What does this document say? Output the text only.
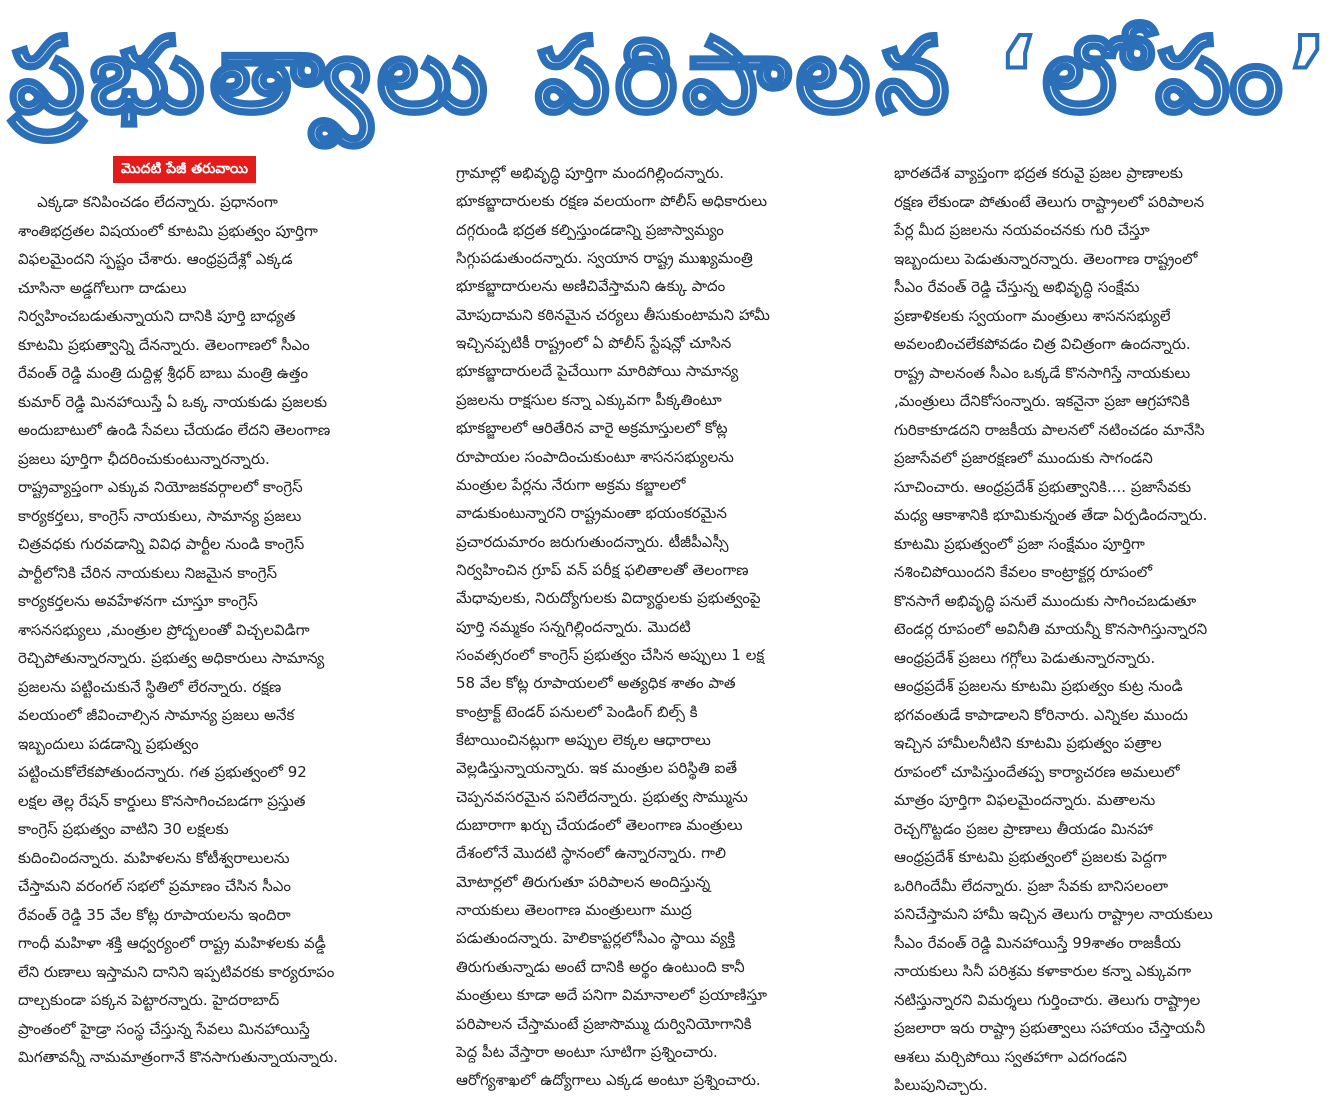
ప్రభుత్వాలు పరిపాలన ‘లోపం’
మొదటి పేజీ తరువాయి
ఎక్కడా కనిపించడం లేదన్నారు. ప్రధానంగా
శాంతిభద్రతల విషయంలో కూటమి ప్రభుత్వం పూర్తిగా
విఫలమైందని స్పష్టం చేశారు. ఆంధ్రప్రదేశ్లో ఎక్కడ
చూసినా అడ్డగోలుగా దాడులు
నిర్వహించబడుతున్నాయని దానికి పూర్తి బాధ్యత
కూటమి ప్రభుత్వాన్ని దేనన్నారు. తెలంగాణలో సీఎం
రేవంత్ రెడ్డి మంత్రి దుద్దిళ్ల శ్రీధర్ బాబు మంత్రి ఉత్తం
కుమార్ రెడ్డి మినహాయిస్తే ఏ ఒక్క నాయకుడు ప్రజలకు
అందుబాటులో ఉండి సేవలు చేయడం లేదని తెలంగాణ
ప్రజలు పూర్తిగా ఛీదరించుకుంటున్నారన్నారు.
రాష్ట్రవ్యాప్తంగా ఎక్కువ నియోజకవర్గాలలో కాంగ్రెస్
కార్యకర్తలు, కాంగ్రెస్ నాయకులు, సామాన్య ప్రజలు
చిత్రవధకు గురవడాన్ని వివిధ పార్టీల నుండి కాంగ్రెస్
పార్టీలోనికి చేరిన నాయకులు నిజమైన కాంగ్రెస్
కార్యకర్తలను అవహేళనగా చూస్తూ కాంగ్రెస్
శాసనసభ్యులు ,మంత్రుల ప్రోద్బలంతో విచ్చలవిడిగా
రెచ్చిపోతున్నారన్నారు. ప్రభుత్వ అధికారులు సామాన్య
ప్రజలను పట్టించుకునే స్థితిలో లేరన్నారు. రక్షణ
వలయంలో జీవించాల్సిన సామాన్య ప్రజలు అనేక
ఇబ్బందులు పడడాన్ని ప్రభుత్వం
పట్టించుకోలేకపోతుందన్నారు. గత ప్రభుత్వంలో 92
లక్షల తెల్ల రేషన్ కార్డులు కొనసాగించబడగా ప్రస్తుత
కాంగ్రెస్ ప్రభుత్వం వాటిని 30 లక్షలకు
కుదించిందన్నారు. మహిళలను కోటీశ్వరాలులను
చేస్తామని వరంగల్ సభలో ప్రమాణం చేసిన సీఎం
రేవంత్ రెడ్డి 35 వేల కోట్ల రూపాయలను ఇందిరా
గాంధీ మహిళా శక్తి ఆధ్వర్యంలో రాష్ట్ర మహిళలకు వడ్డీ
లేని రుణాలు ఇస్తామని దానిని ఇప్పటివరకు కార్యరూపం
దాల్చకుండా పక్కన పెట్టారన్నారు. హైదరాబాద్
ప్రాంతంలో హైడ్రా సంస్థ చేస్తున్న సేవలు మినహాయిస్తే
మిగతావన్నీ నామమాత్రంగానే కొనసాగుతున్నాయన్నారు.
గ్రామాల్లో అభివృద్ధి పూర్తిగా మందగిల్లిందన్నారు.
భూకబ్జాదారులకు రక్షణ వలయంగా పోలీస్ అధికారులు
దగ్గరుండి భద్రత కల్పిస్తుండడాన్ని ప్రజాస్వామ్యం
సిగ్గుపడుతుందన్నారు. స్వయాన రాష్ట్ర ముఖ్యమంత్రి
భూకబ్జాదారులను అణిచివేస్తామని ఉక్కు పాదం
మోపుదామని కఠినమైన చర్యలు తీసుకుంటామని హామీ
ఇచ్చినప్పటికీ రాష్ట్రంలో ఏ పోలీస్ స్టేషన్లో చూసిన
భూకబ్జాదారులదే పైచేయిగా మారిపోయి సామాన్య
ప్రజలను రాక్షసుల కన్నా ఎక్కువగా పీక్కతింటూ
భూకబ్జాలలో ఆరితేరిన వారై అక్రమాస్తులలో కోట్ల
రూపాయల సంపాదించుకుంటూ శాసనసభ్యులను
మంత్రుల పేర్లను నేరుగా అక్రమ కబ్జాలలో
వాడుకుంటున్నారని రాష్ట్రమంతా భయంకరమైన
ప్రచారదుమారం జరుగుతుందన్నారు. టీజీపీఎస్సీ
నిర్వహించిన గ్రూప్ వన్ పరీక్ష ఫలితాలతో తెలంగాణ
మేధావులకు, నిరుద్యోగులకు విద్యార్థులకు ప్రభుత్వంపై
పూర్తి నమ్మకం సన్నగిల్లిందన్నారు. మొదటి
సంవత్సరంలో కాంగ్రెస్ ప్రభుత్వం చేసిన అప్పులు 1 లక్ష
58 వేల కోట్ల రూపాయలలో అత్యధిక శాతం పాత
కాంట్రాక్ట్ టెండర్ పనులలో పెండింగ్ బిల్స్ కి
కేటాయించినట్లుగా అప్పుల లెక్కల ఆధారాలు
వెల్లడిస్తున్నాయన్నారు. ఇక మంత్రుల పరిస్థితి ఐతే
చెప్పనవసరమైన పనిలేదన్నారు. ప్రభుత్వ సొమ్మును
దుబారాగా ఖర్చు చేయడంలో తెలంగాణ మంత్రులు
దేశంలోనే మొదటి స్థానంలో ఉన్నారన్నారు. గాలి
మోటార్లలో తిరుగుతూ పరిపాలన అందిస్తున్న
నాయకులు తెలంగాణ మంత్రులుగా ముద్ర
పడుతుందన్నారు. హెలికాప్టర్లలోసీఎం స్థాయి వ్యక్తి
తిరుగుతున్నాడు అంటే దానికి అర్థం ఉంటుంది కానీ
మంత్రులు కూడా అదే పనిగా విమానాలలో ప్రయాణిస్తూ
పరిపాలన చేస్తామంటే ప్రజాసొమ్ము దుర్వినియోగానికి
పెద్ద పీట వేస్తారా అంటూ సూటిగా ప్రశ్నించారు.
ఆరోగ్యశాఖలో ఉద్యోగాలు ఎక్కడ అంటూ ప్రశ్నించారు.
భారతదేశ వ్యాప్తంగా భద్రత కరువై ప్రజల ప్రాణాలకు
రక్షణ లేకుండా పోతుంటే తెలుగు రాష్ట్రాలలో పరిపాలన
పేర్ల మీద ప్రజలను నయవంచనకు గురి చేస్తూ
ఇబ్బందులు పెడుతున్నారన్నారు. తెలంగాణ రాష్ట్రంలో
సీఎం రేవంత్ రెడ్డి చేస్తున్న అభివృద్ధి సంక్షేమ
ప్రణాళికలకు స్వయంగా మంత్రులు శాసనసభ్యులే
అవలంబించలేకపోవడం చిత్ర విచిత్రంగా ఉందన్నారు.
రాష్ట్ర పాలనంత సీఎం ఒక్కడే కొనసాగిస్తే నాయకులు
,మంత్రులు దేనికోసంన్నారు. ఇకనైనా ప్రజా ఆగ్రహానికి
గురికాకూడదని రాజకీయ పాలనలో నటించడం మానేసి
ప్రజాసేవలో ప్రజారక్షణలో ముందుకు సాగండని
సూచించారు. ఆంధ్రప్రదేశ్ ప్రభుత్వానికి.... ప్రజాసేవకు
మధ్య ఆకాశానికి భూమికున్నంత తేడా ఏర్పడిందన్నారు.
కూటమి ప్రభుత్వంలో ప్రజా సంక్షేమం పూర్తిగా
నశించిపోయిందని కేవలం కాంట్రాక్టర్ల రూపంలో
కొనసాగే అభివృద్ధి పనులే ముందుకు సాగించబడుతూ
టెండర్ల రూపంలో అవినీతి మాయన్నీ కొనసాగిస్తున్నారని
ఆంధ్రప్రదేశ్ ప్రజలు గగ్గోలు పెడుతున్నారన్నారు.
ఆంధ్రప్రదేశ్ ప్రజలను కూటమి ప్రభుత్వం కుట్ర నుండి
భగవంతుడే కాపాడాలని కోరినారు. ఎన్నికల ముందు
ఇచ్చిన హామీలనీటిని కూటమి ప్రభుత్వం పత్రాల
రూపంలో చూపిస్తుందేతప్ప కార్యాచరణ అమలులో
మాత్రం పూర్తిగా విఫలమైందన్నారు. మతాలను
రెచ్చగొట్టడం ప్రజల ప్రాణాలు తీయడం మినహా
ఆంధ్రప్రదేశ్ కూటమి ప్రభుత్వంలో ప్రజలకు పెద్దగా
ఒరిగిందేమీ లేదన్నారు. ప్రజా సేవకు బానిసలంలా
పనిచేస్తామని హామీ ఇచ్చిన తెలుగు రాష్ట్రాల నాయకులు
సీఎం రేవంత్ రెడ్డి మినహాయిస్తే 99శాతం రాజకీయ
నాయకులు సినీ పరిశ్రమ కళాకారుల కన్నా ఎక్కువగా
నటిస్తున్నారని విమర్శలు గుర్తించారు. తెలుగు రాష్ట్రాల
ప్రజలారా ఇరు రాష్ట్రా ప్రభుత్వాలు సహాయం చేస్తాయనీ
ఆశలు మర్చిపోయి స్వతహాగా ఎదగండని
పిలుపునిచ్చారు.
